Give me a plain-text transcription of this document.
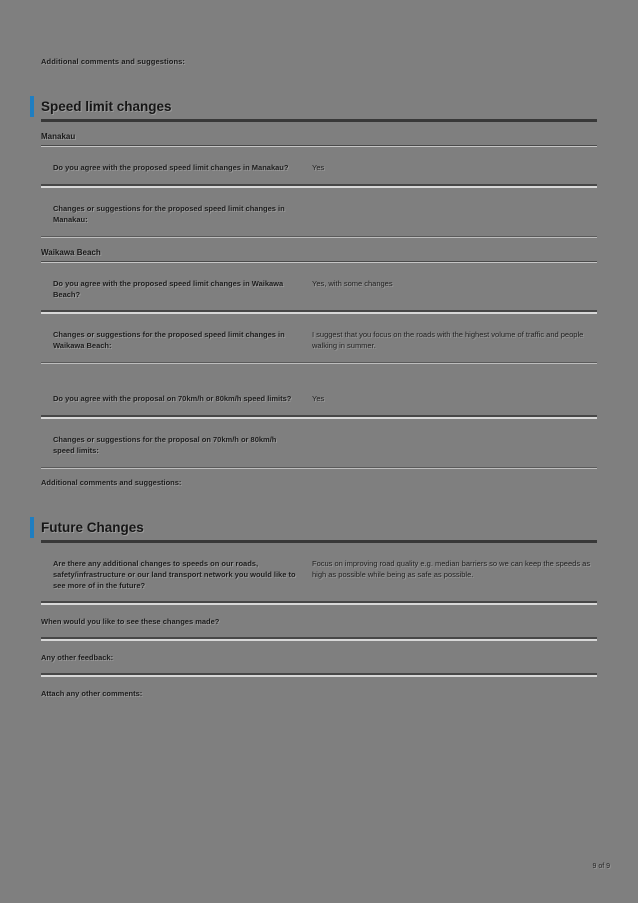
Additional comments and suggestions:
Speed limit changes
Manakau
Do you agree with the proposed speed limit changes in Manakau?	Yes
Changes or suggestions for the proposed speed limit changes in Manakau:
Waikawa Beach
Do you agree with the proposed speed limit changes in Waikawa Beach?
Yes, with some changes
Changes or suggestions for the proposed speed limit changes in Waikawa Beach:
I suggest that you focus on the roads with the highest volume of traffic and people walking in summer.
Do you agree with the proposal on 70km/h or 80km/h speed limits?	Yes
Changes or suggestions for the proposal on 70km/h or 80km/h speed limits:
Additional comments and suggestions:
Future Changes
Are there any additional changes to speeds on our roads, safety/infrastructure or our land transport network you would like to see more of in the future?
Focus on improving road quality e.g. median barriers so we can keep the speeds as high as possible while being as safe as possible.
When would you like to see these changes made?
Any other feedback:
Attach any other comments:
9 of 9
